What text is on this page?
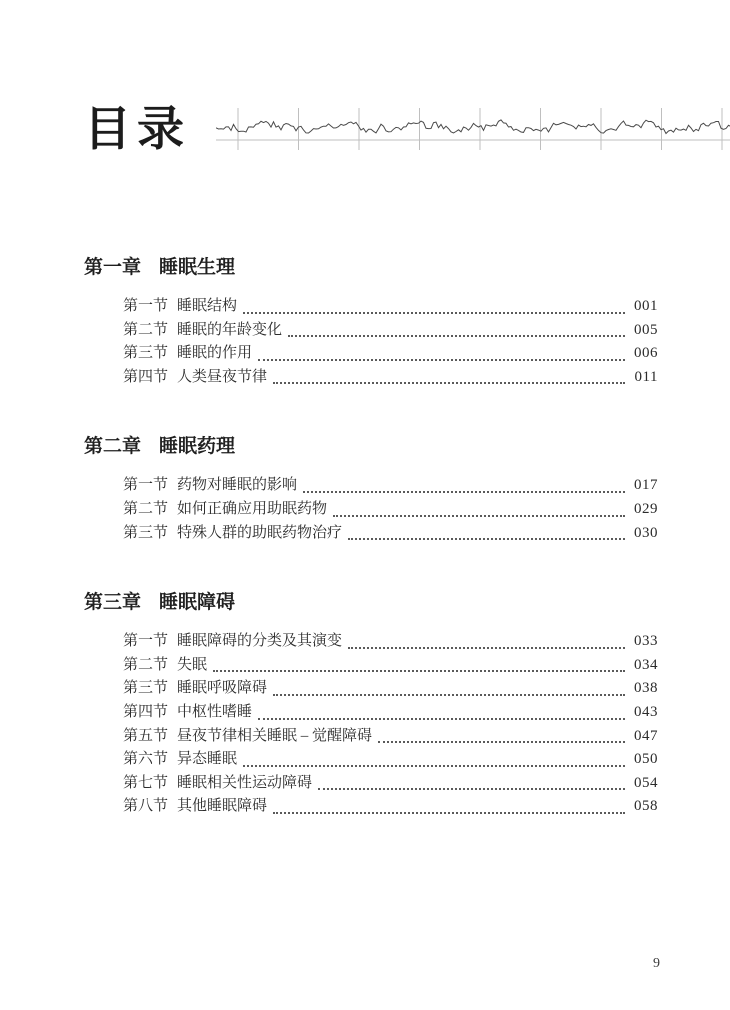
目录
第一章 睡眠生理
第一节 睡眠结构	001
第二节 睡眠的年龄变化	005
第三节 睡眠的作用	006
第四节 人类昼夜节律	011
第二章 睡眠药理
第一节 药物对睡眠的影响	017
第二节 如何正确应用助眠药物	029
第三节 特殊人群的助眠药物治疗	030
第三章 睡眠障碍
第一节 睡眠障碍的分类及其演变	033
第二节 失眠	034
第三节 睡眠呼吸障碍	038
第四节 中枢性嗜睡	043
第五节 昼夜节律相关睡眠 – 觉醒障碍	047
第六节 异态睡眠	050
第七节 睡眠相关性运动障碍	054
第八节 其他睡眠障碍	058
9
